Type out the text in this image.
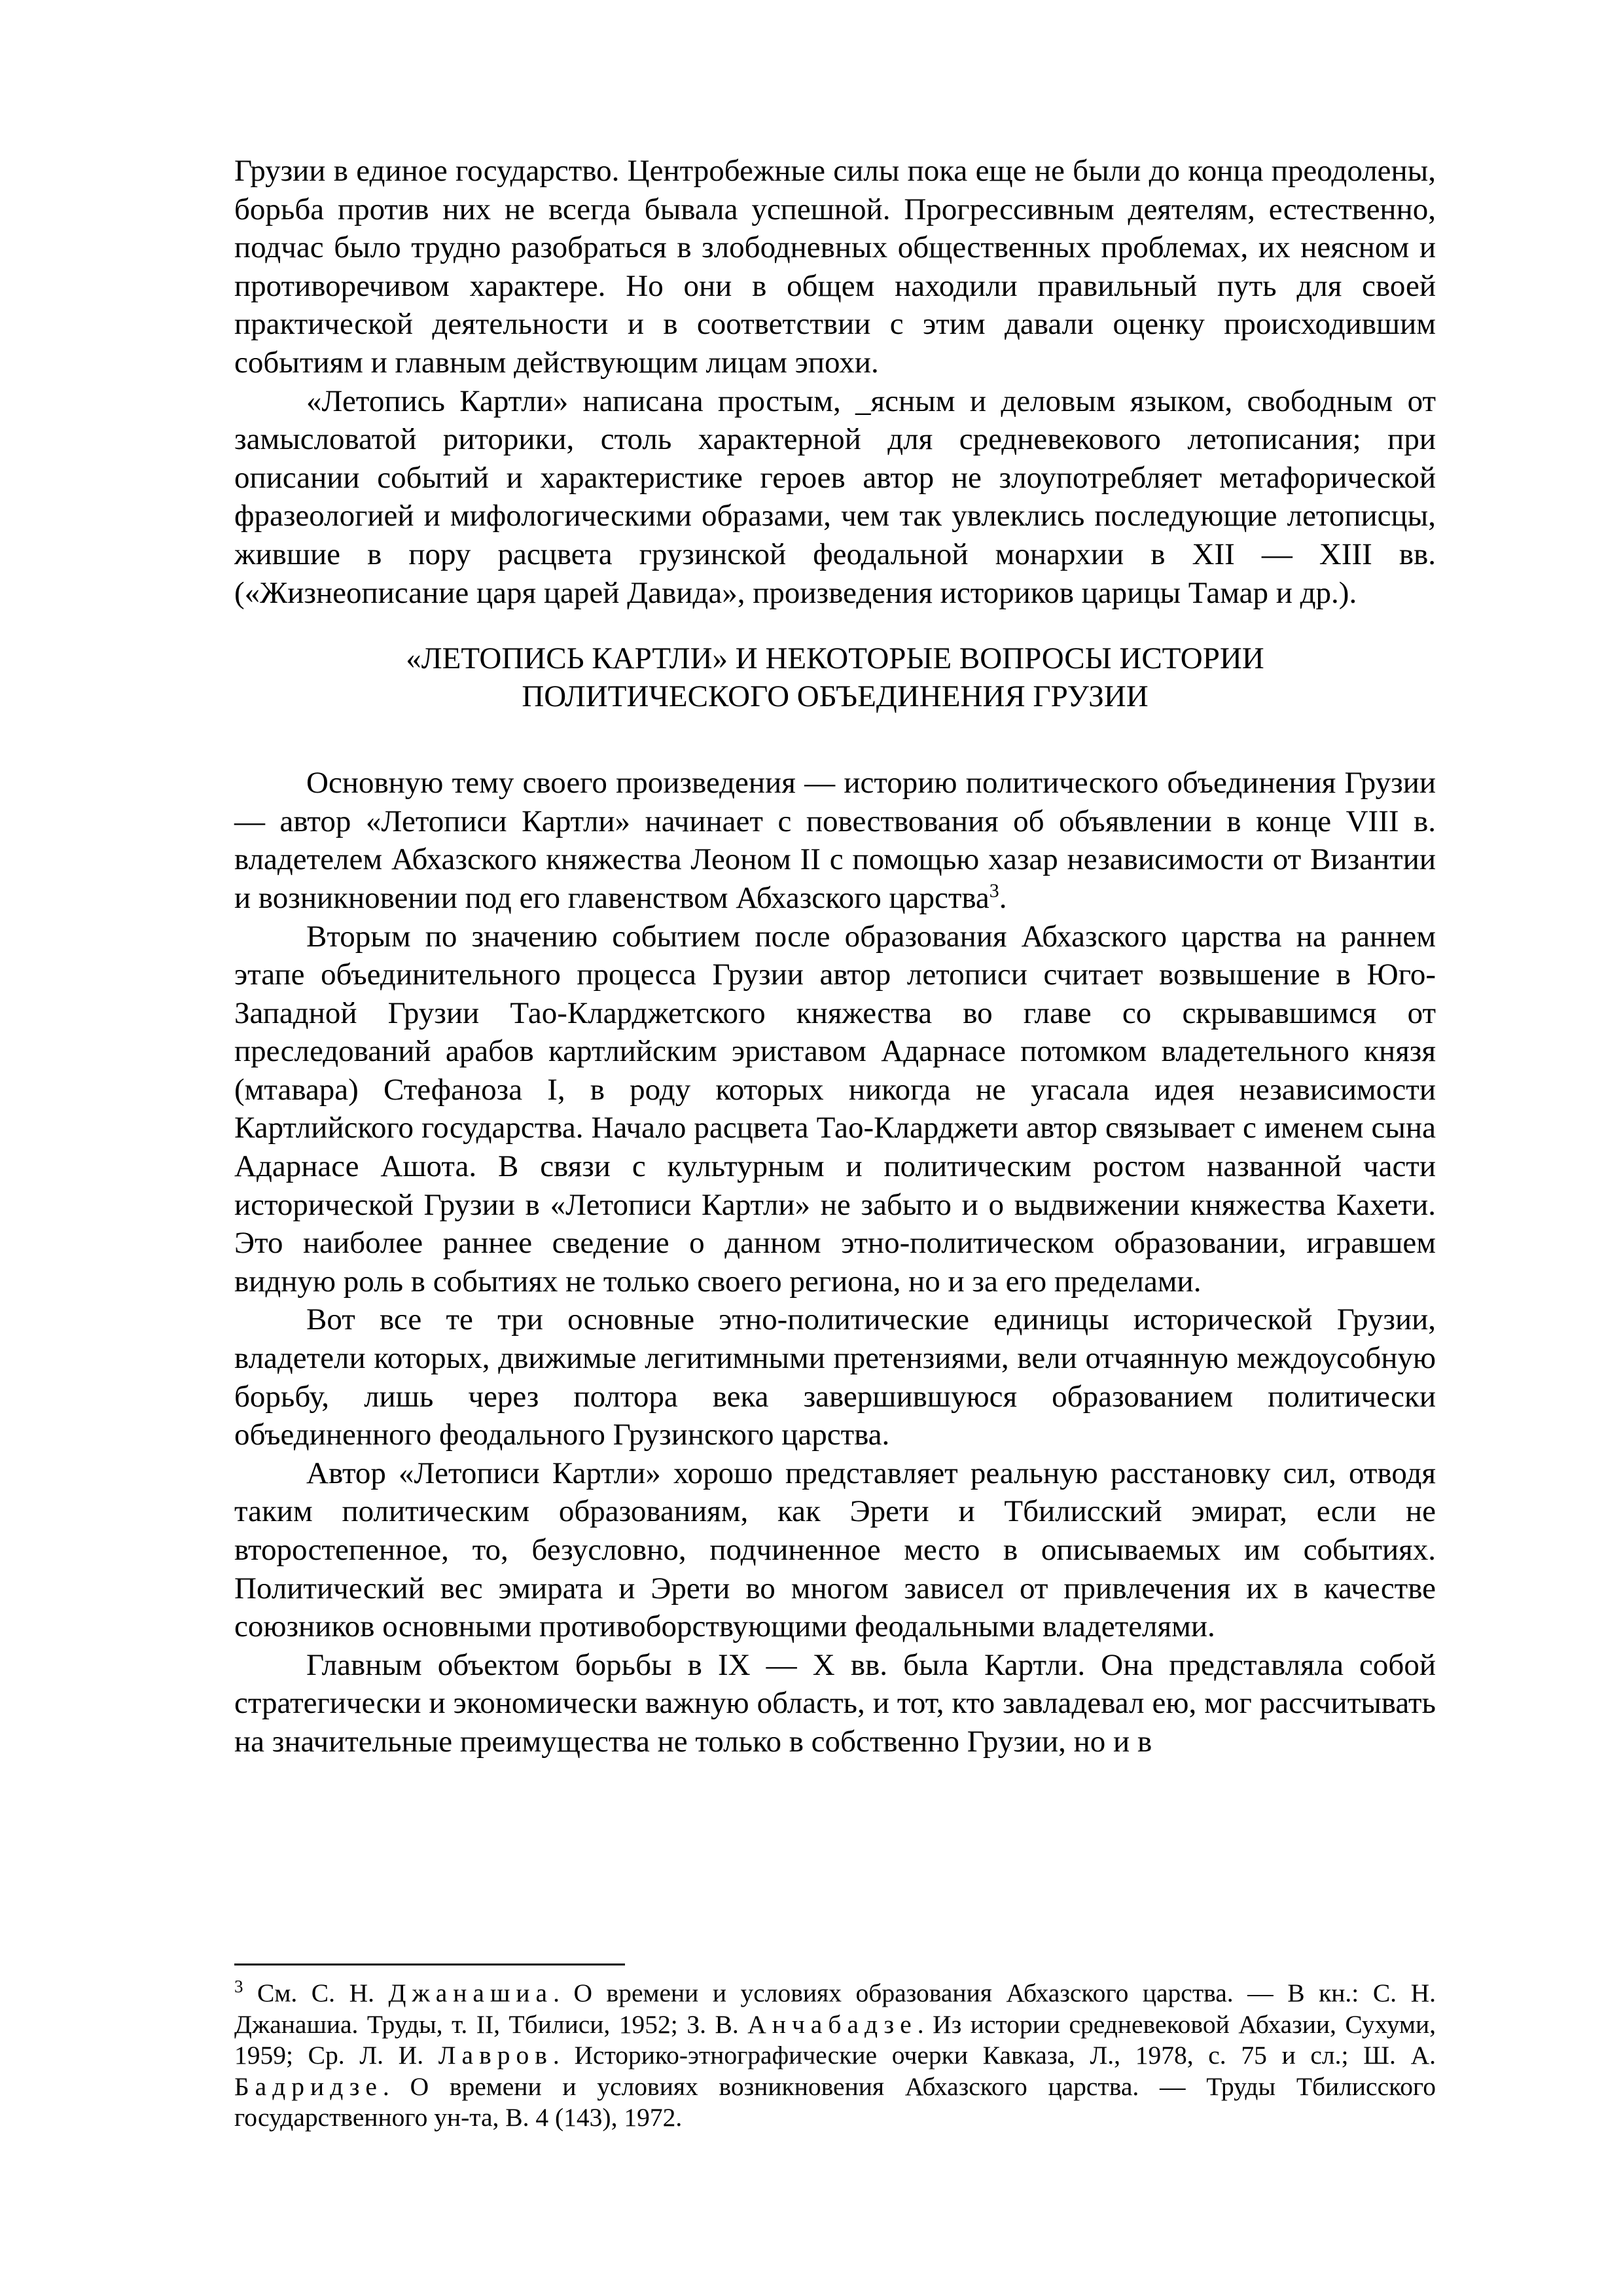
Грузии в единое государство. Центробежные силы пока еще не были до конца преодолены, борьба против них не всегда бывала успешной. Прогрессивным деятелям, естественно, подчас было трудно разобраться в злободневных общественных проблемах, их неясном и противоречивом характере. Но они в общем находили правильный путь для своей практической деятельности и в соответствии с этим давали оценку происходившим событиям и главным действующим лицам эпохи.

«Летопись Картли» написана простым, _ясным и деловым языком, свободным от замысловатой риторики, столь характерной для средневекового летописания; при описании событий и характеристике героев автор не злоупотребляет метафорической фразеологией и мифологическими образами, чем так увлеклись последующие летописцы, жившие в пору расцвета грузинской феодальной монархии в XII — XIII вв. («Жизнеописание царя царей Давида», произведения историков царицы Тамар и др.).

«ЛЕТОПИСЬ КАРТЛИ» И НЕКОТОРЫЕ ВОПРОСЫ ИСТОРИИ
ПОЛИТИЧЕСКОГО ОБЪЕДИНЕНИЯ ГРУЗИИ

Основную тему своего произведения — историю политического объединения Грузии — автор «Летописи Картли» начинает с повествования об объявлении в конце VIII в. владетелем Абхазского княжества Леоном II с помощью хазар независимости от Византии и возникновении под его главенством Абхазского царства$^3$.

Вторым по значению событием после образования Абхазского царства на раннем этапе объединительного процесса Грузии автор летописи считает возвышение в Юго-Западной Грузии Тао-Кларджетского княжества во главе со скрывавшимся от преследований арабов картлийским эриставом Адарнасе потомком владетельного князя (мтавара) Стефаноза I, в роду которых никогда не угасала идея независимости Картлийского государства. Начало расцвета Тао-Кларджети автор связывает с именем сына Адарнасе Ашота. В связи с культурным и политическим ростом названной части исторической Грузии в «Летописи Картли» не забыто и о выдвижении княжества Кахети. Это наиболее раннее сведение о данном этно-политическом образовании, игравшем видную роль в событиях не только своего региона, но и за его пределами.

Вот все те три основные этно-политические единицы исторической Грузии, владетели которых, движимые легитимными претензиями, вели отчаянную междоусобную борьбу, лишь через полтора века завершившуюся образованием политически объединенного феодального Грузинского царства.

Автор «Летописи Картли» хорошо представляет реальную расстановку сил, отводя таким политическим образованиям, как Эрети и Тбилисский эмират, если не второстепенное, то, безусловно, подчиненное место в описываемых им событиях. Политический вес эмирата и Эрети во многом зависел от привлечения их в качестве союзников основными противоборствующими феодальными владетелями.

Главным объектом борьбы в IX — X вв. была Картли. Она представляла собой стратегически и экономически важную область, и тот, кто завладевал ею, мог рассчитывать на значительные преимущества не только в собственно Грузии, но и в

$^3$ См. С. Н. Джанашиа. О времени и условиях образования Абхазского царства. — В кн.: С. Н. Джанашиа. Труды, т. II, Тбилиси, 1952; З. В. Анчабадзе. Из истории средневековой Абхазии, Сухуми, 1959; Ср. Л. И. Лавров. Историко-этнографические очерки Кавказа, Л., 1978, с. 75 и сл.; Ш. А. Бадридзе. О времени и условиях возникновения Абхазского царства. — Труды Тбилисского государственного ун-та, В. 4 (143), 1972.
